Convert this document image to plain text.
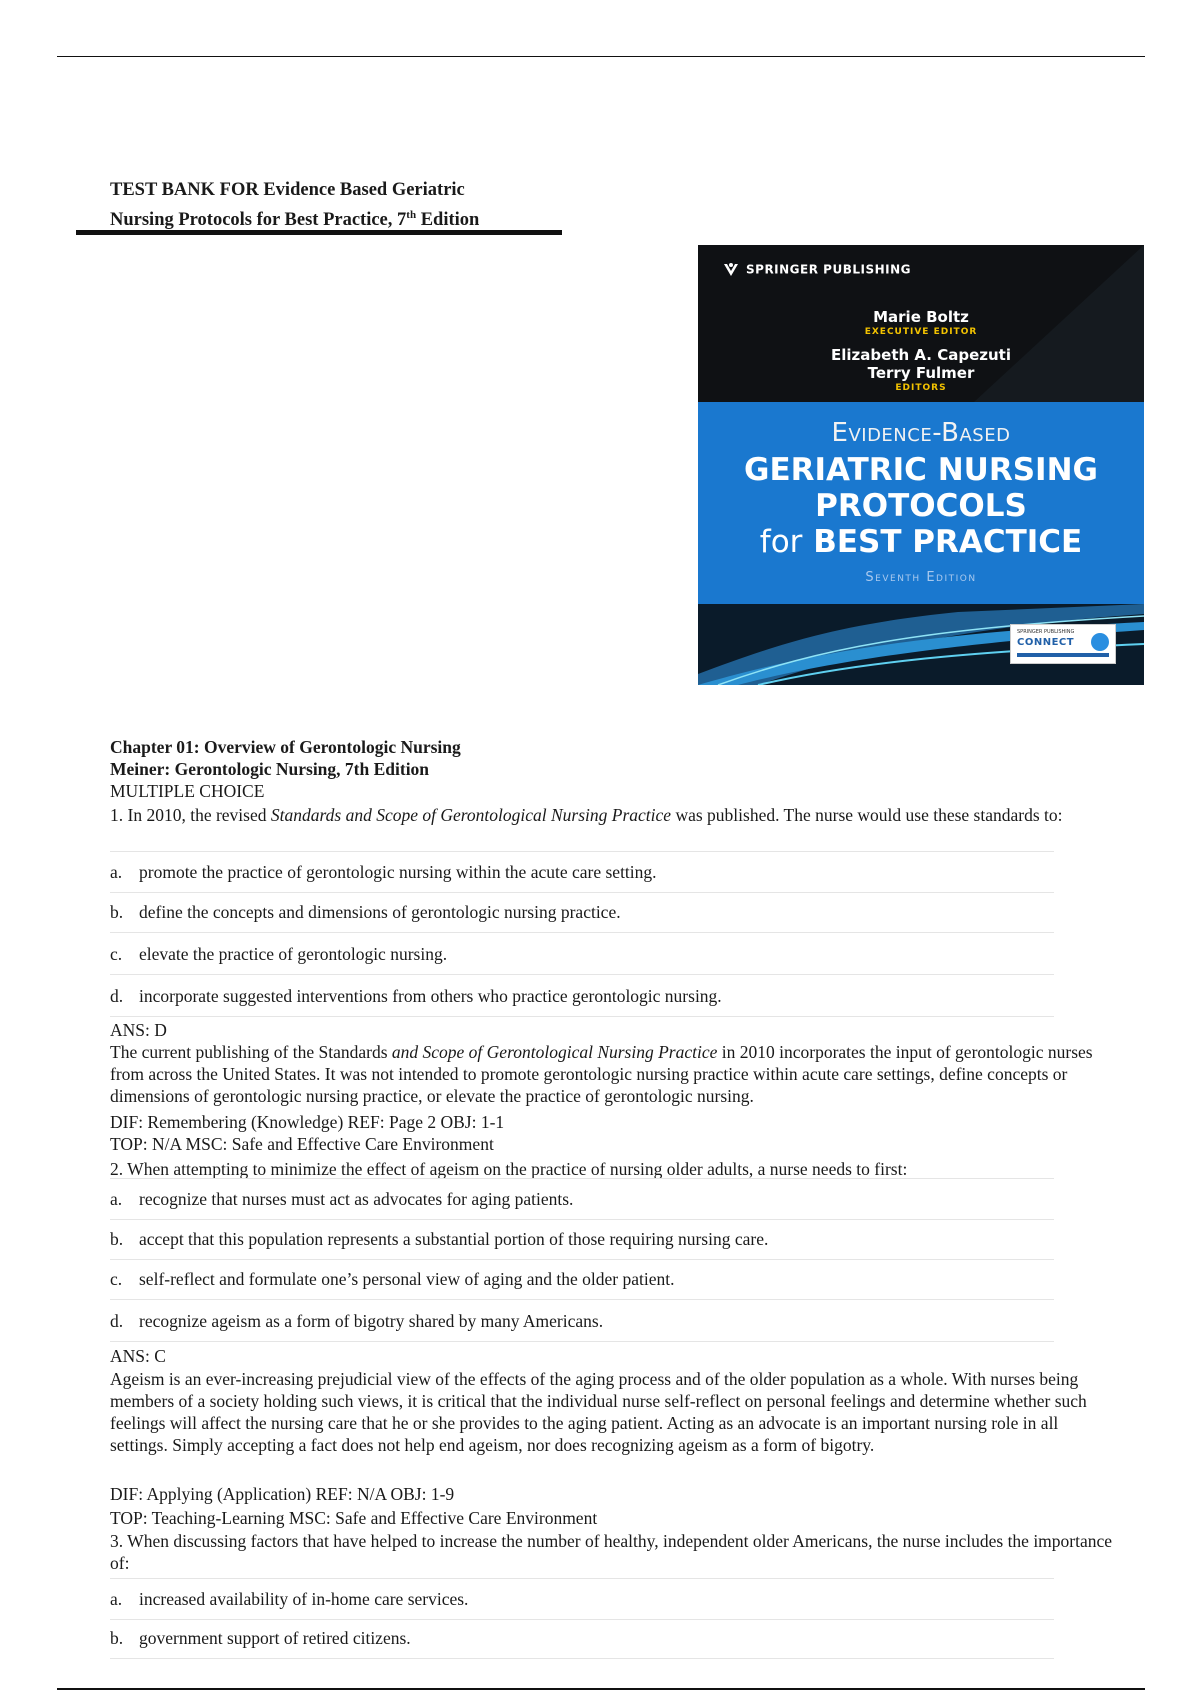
TEST BANK FOR Evidence Based Geriatric
Nursing Protocols for Best Practice, 7th Edition
SPRINGER PUBLISHING
Marie Boltz
EXECUTIVE EDITOR
Elizabeth A. Capezuti
Terry Fulmer
EDITORS
Evidence-Based
GERIATRIC NURSING
PROTOCOLS
for BEST PRACTICE
Seventh Edition
SPRINGER PUBLISHING
CONNECT
Chapter 01: Overview of Gerontologic Nursing
Meiner: Gerontologic Nursing, 7th Edition
MULTIPLE CHOICE
1. In 2010, the revised Standards and Scope of Gerontological Nursing Practice was published. The nurse would use these standards to:
a. promote the practice of gerontologic nursing within the acute care setting.
b. define the concepts and dimensions of gerontologic nursing practice.
c. elevate the practice of gerontologic nursing.
d. incorporate suggested interventions from others who practice gerontologic nursing.
ANS: D
The current publishing of the Standards and Scope of Gerontological Nursing Practice in 2010 incorporates the input of gerontologic nurses from across the United States. It was not intended to promote gerontologic nursing practice within acute care settings, define concepts or dimensions of gerontologic nursing practice, or elevate the practice of gerontologic nursing.
DIF: Remembering (Knowledge) REF: Page 2 OBJ: 1-1
TOP: N/A MSC: Safe and Effective Care Environment
2. When attempting to minimize the effect of ageism on the practice of nursing older adults, a nurse needs to first:
a. recognize that nurses must act as advocates for aging patients.
b. accept that this population represents a substantial portion of those requiring nursing care.
c. self-reflect and formulate one’s personal view of aging and the older patient.
d. recognize ageism as a form of bigotry shared by many Americans.
ANS: C
Ageism is an ever-increasing prejudicial view of the effects of the aging process and of the older population as a whole. With nurses being members of a society holding such views, it is critical that the individual nurse self-reflect on personal feelings and determine whether such feelings will affect the nursing care that he or she provides to the aging patient. Acting as an advocate is an important nursing role in all settings. Simply accepting a fact does not help end ageism, nor does recognizing ageism as a form of bigotry.
DIF: Applying (Application) REF: N/A OBJ: 1-9
TOP: Teaching-Learning MSC: Safe and Effective Care Environment
3. When discussing factors that have helped to increase the number of healthy, independent older Americans, the nurse includes the importance of:
a. increased availability of in-home care services.
b. government support of retired citizens.
